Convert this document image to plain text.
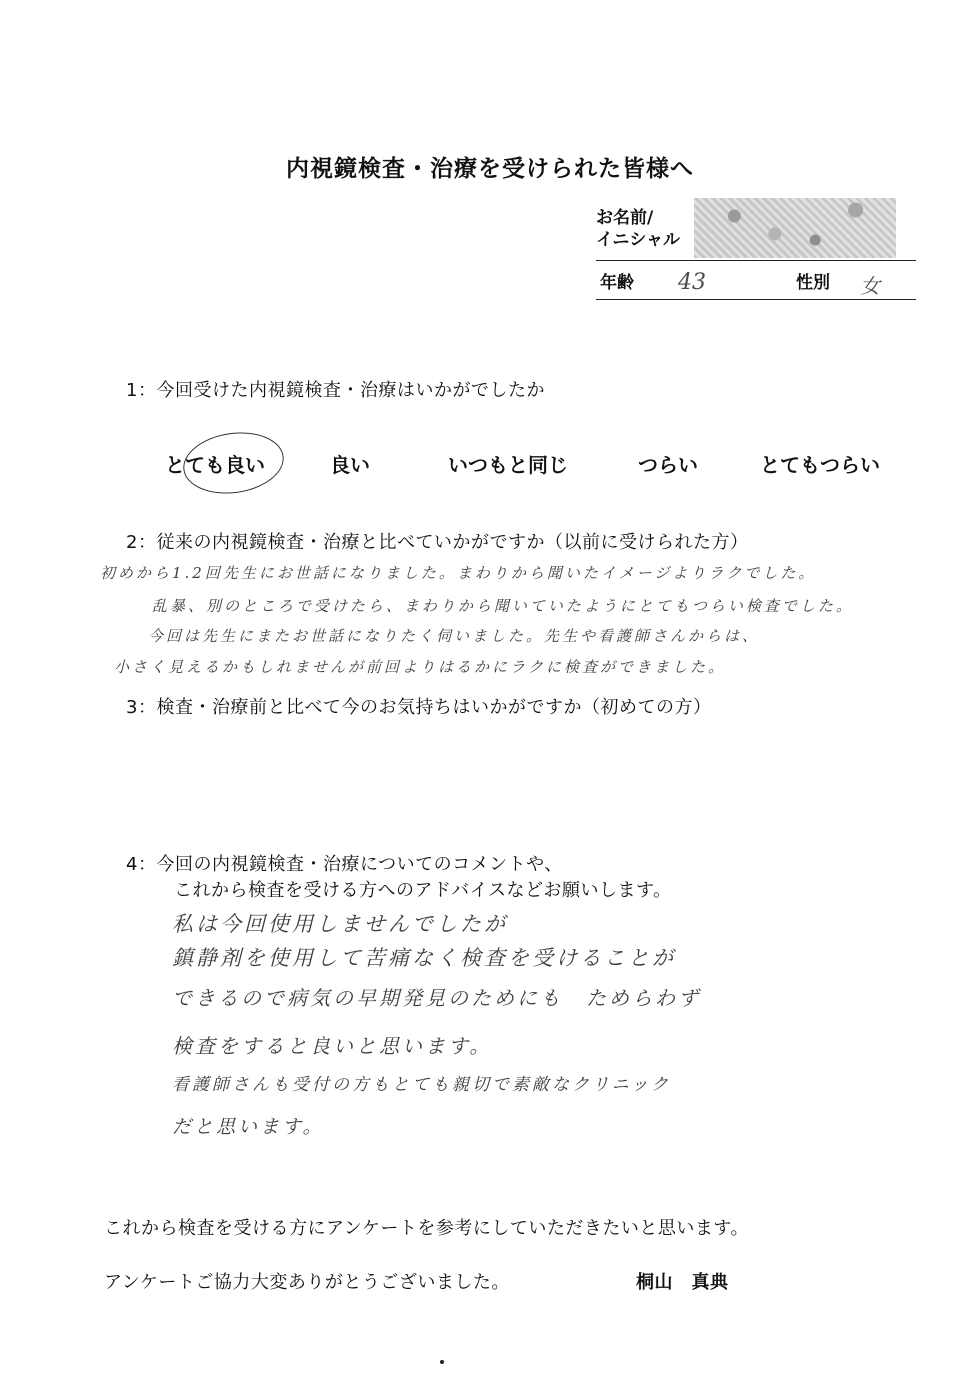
内視鏡検査・治療を受けられた皆様へ
お名前/
イニシャル
年齢 43	性別 女
1：今回受けた内視鏡検査・治療はいかがでしたか
とても良い	良い	いつもと同じ	つらい	とてもつらい
2：従来の内視鏡検査・治療と比べていかがですか（以前に受けられた方）
初めから1.2回先生にお世話になりました。まわりから聞いたイメージよりラクでした。
乱暴、別のところで受けたら、まわりから聞いていたようにとてもつらい検査でした。
今回は先生にまたお世話になりたく伺いました。先生や看護師さんからは、
小さく見えるかもしれませんが前回よりはるかにラクに検査ができました。
3：検査・治療前と比べて今のお気持ちはいかがですか（初めての方）
4：今回の内視鏡検査・治療についてのコメントや、
これから検査を受ける方へのアドバイスなどお願いします。
私は今回使用しませんでしたが
鎮静剤を使用して苦痛なく検査を受けることが
できるので病気の早期発見のためにも　ためらわず
検査をすると良いと思います。
看護師さんも受付の方もとても親切で素敵なクリニック
だと思います。
これから検査を受ける方にアンケートを参考にしていただきたいと思います。
アンケートご協力大変ありがとうございました。	桐山　真典
